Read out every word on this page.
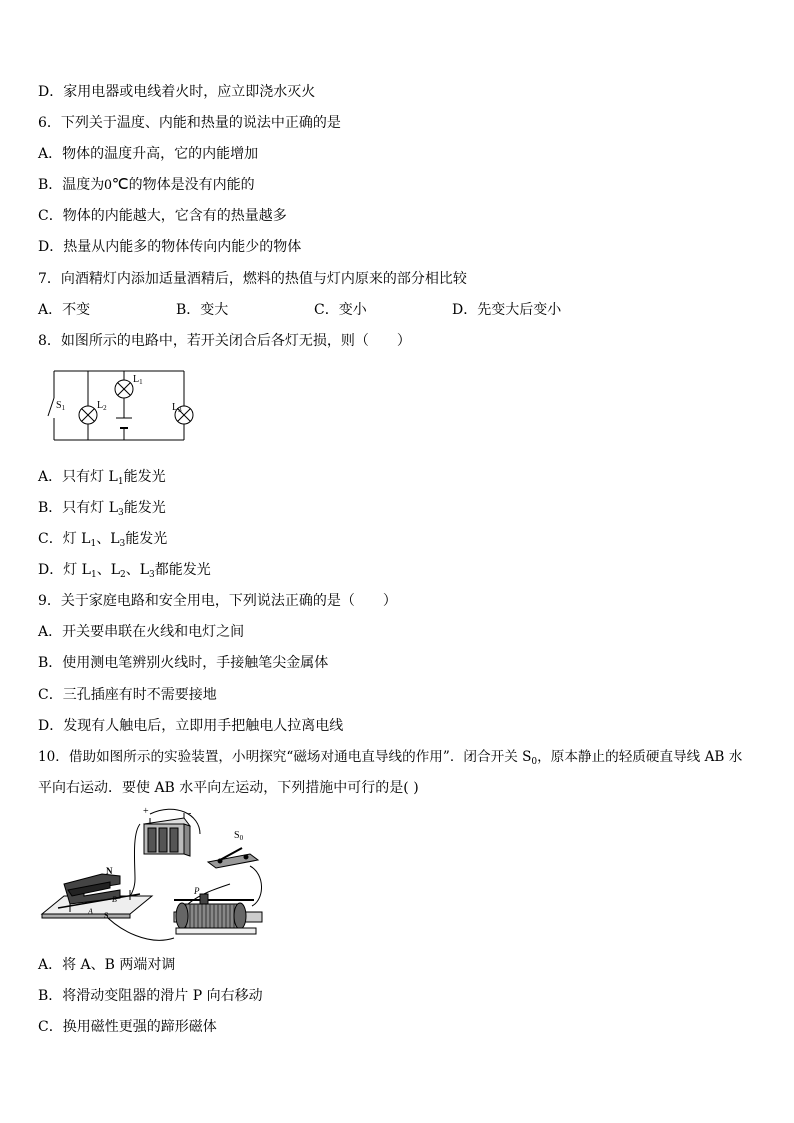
D．家用电器或电线着火时，应立即浇水灭火
6．下列关于温度、内能和热量的说法中正确的是
A．物体的温度升高，它的内能增加
B．温度为0℃的物体是没有内能的
C．物体的内能越大，它含有的热量越多
D．热量从内能多的物体传向内能少的物体
7．向酒精灯内添加适量酒精后，燃料的热值与灯内原来的部分相比较
A．不变	B．变大	C．变小	D．先变大后变小
8．如图所示的电路中，若开关闭合后各灯无损，则（　　）
$S_1$	$L_2$
$L_1$
$L_3$
A．只有灯 $L_1$能发光
B．只有灯 $L_3$能发光
C．灯 $L_1$、$L_3$能发光
D．灯 $L_1$、$L_2$、$L_3$都能发光
9．关于家庭电路和安全用电，下列说法正确的是（　　）
A．开关要串联在火线和电灯之间
B．使用测电笔辨别火线时，手接触笔尖金属体
C．三孔插座有时不需要接地
D．发现有人触电后，立即用手把触电人拉离电线
10．借助如图所示的实验装置，小明探究“磁场对通电直导线的作用”．闭合开关 $S_0$，原本静止的轻质硬直导线 AB 水
平向右运动．要使 AB 水平向左运动，下列措施中可行的是( )
+	-
$S_0$
N
B
A S
P
A．将 A、B 两端对调
B．将滑动变阻器的滑片 P 向右移动
C．换用磁性更强的蹄形磁体
